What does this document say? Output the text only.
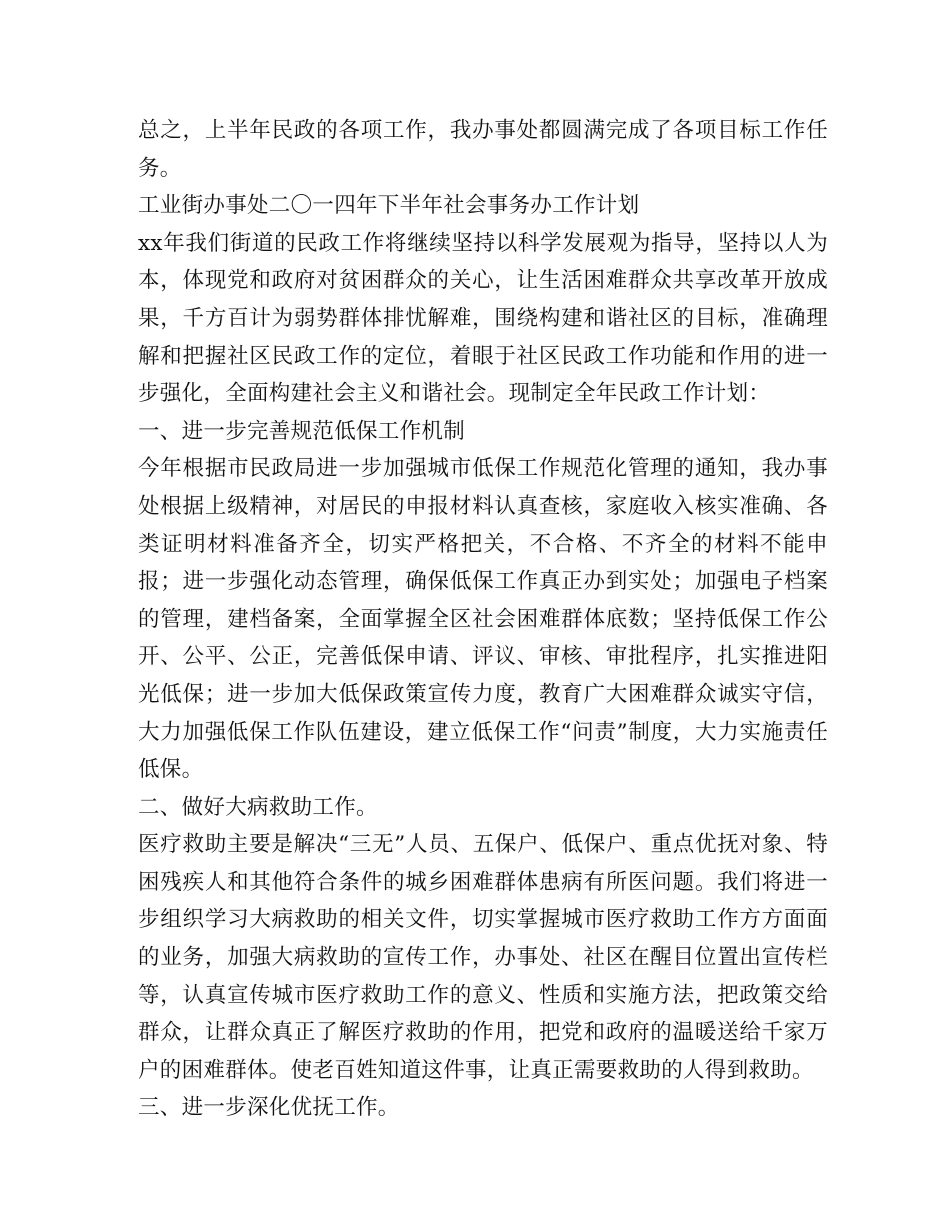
总之，上半年民政的各项工作，我办事处都圆满完成了各项目标工作任务。

工业街办事处二〇一四年下半年社会事务办工作计划

xx年我们街道的民政工作将继续坚持以科学发展观为指导，坚持以人为本，体现党和政府对贫困群众的关心，让生活困难群众共享改革开放成果，千方百计为弱势群体排忧解难，围绕构建和谐社区的目标，准确理解和把握社区民政工作的定位，着眼于社区民政工作功能和作用的进一步强化，全面构建社会主义和谐社会。现制定全年民政工作计划：

一、进一步完善规范低保工作机制

今年根据市民政局进一步加强城市低保工作规范化管理的通知，我办事处根据上级精神，对居民的申报材料认真查核，家庭收入核实准确、各类证明材料准备齐全，切实严格把关，不合格、不齐全的材料不能申报；进一步强化动态管理，确保低保工作真正办到实处；加强电子档案的管理，建档备案，全面掌握全区社会困难群体底数；坚持低保工作公开、公平、公正，完善低保申请、评议、审核、审批程序，扎实推进阳光低保；进一步加大低保政策宣传力度，教育广大困难群众诚实守信，大力加强低保工作队伍建设，建立低保工作“问责”制度，大力实施责任低保。

二、做好大病救助工作。

医疗救助主要是解决“三无”人员、五保户、低保户、重点优抚对象、特困残疾人和其他符合条件的城乡困难群体患病有所医问题。我们将进一步组织学习大病救助的相关文件，切实掌握城市医疗救助工作方方面面的业务，加强大病救助的宣传工作，办事处、社区在醒目位置出宣传栏等，认真宣传城市医疗救助工作的意义、性质和实施方法，把政策交给群众，让群众真正了解医疗救助的作用，把党和政府的温暖送给千家万户的困难群体。使老百姓知道这件事，让真正需要救助的人得到救助。

三、进一步深化优抚工作。
